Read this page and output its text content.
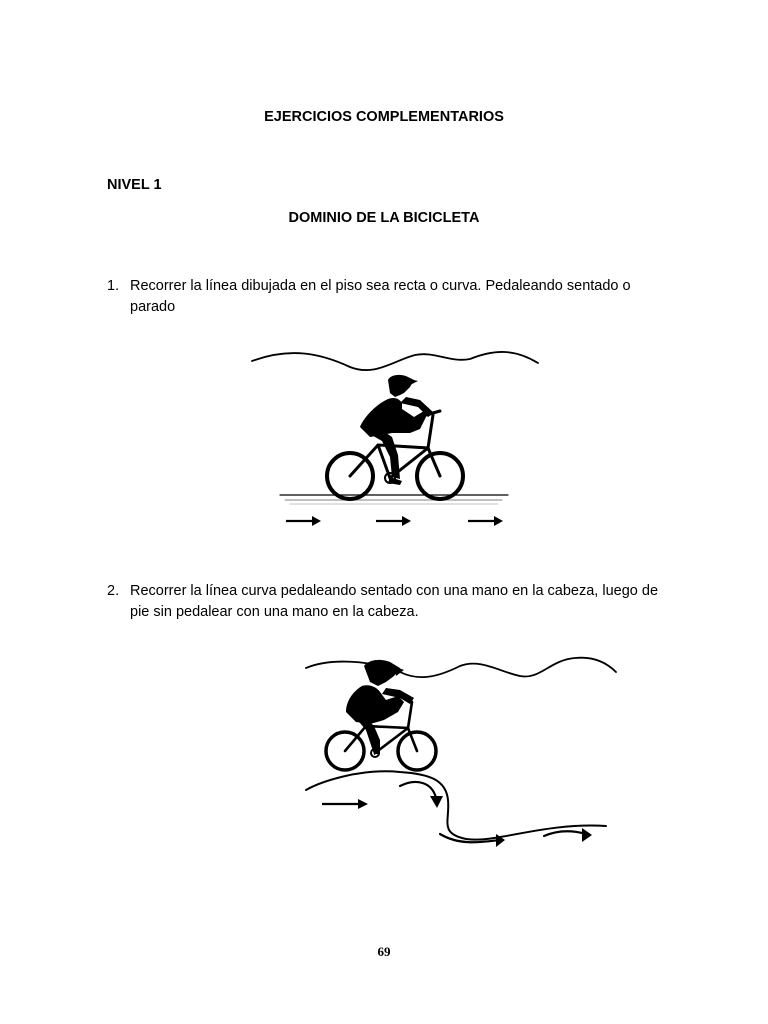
EJERCICIOS COMPLEMENTARIOS
NIVEL 1
DOMINIO DE LA BICICLETA
1. Recorrer la línea dibujada en el piso sea recta o curva. Pedaleando sentado o parado
2. Recorrer la línea curva pedaleando sentado con una mano en la cabeza, luego de pie sin pedalear con una mano en la cabeza.
69
